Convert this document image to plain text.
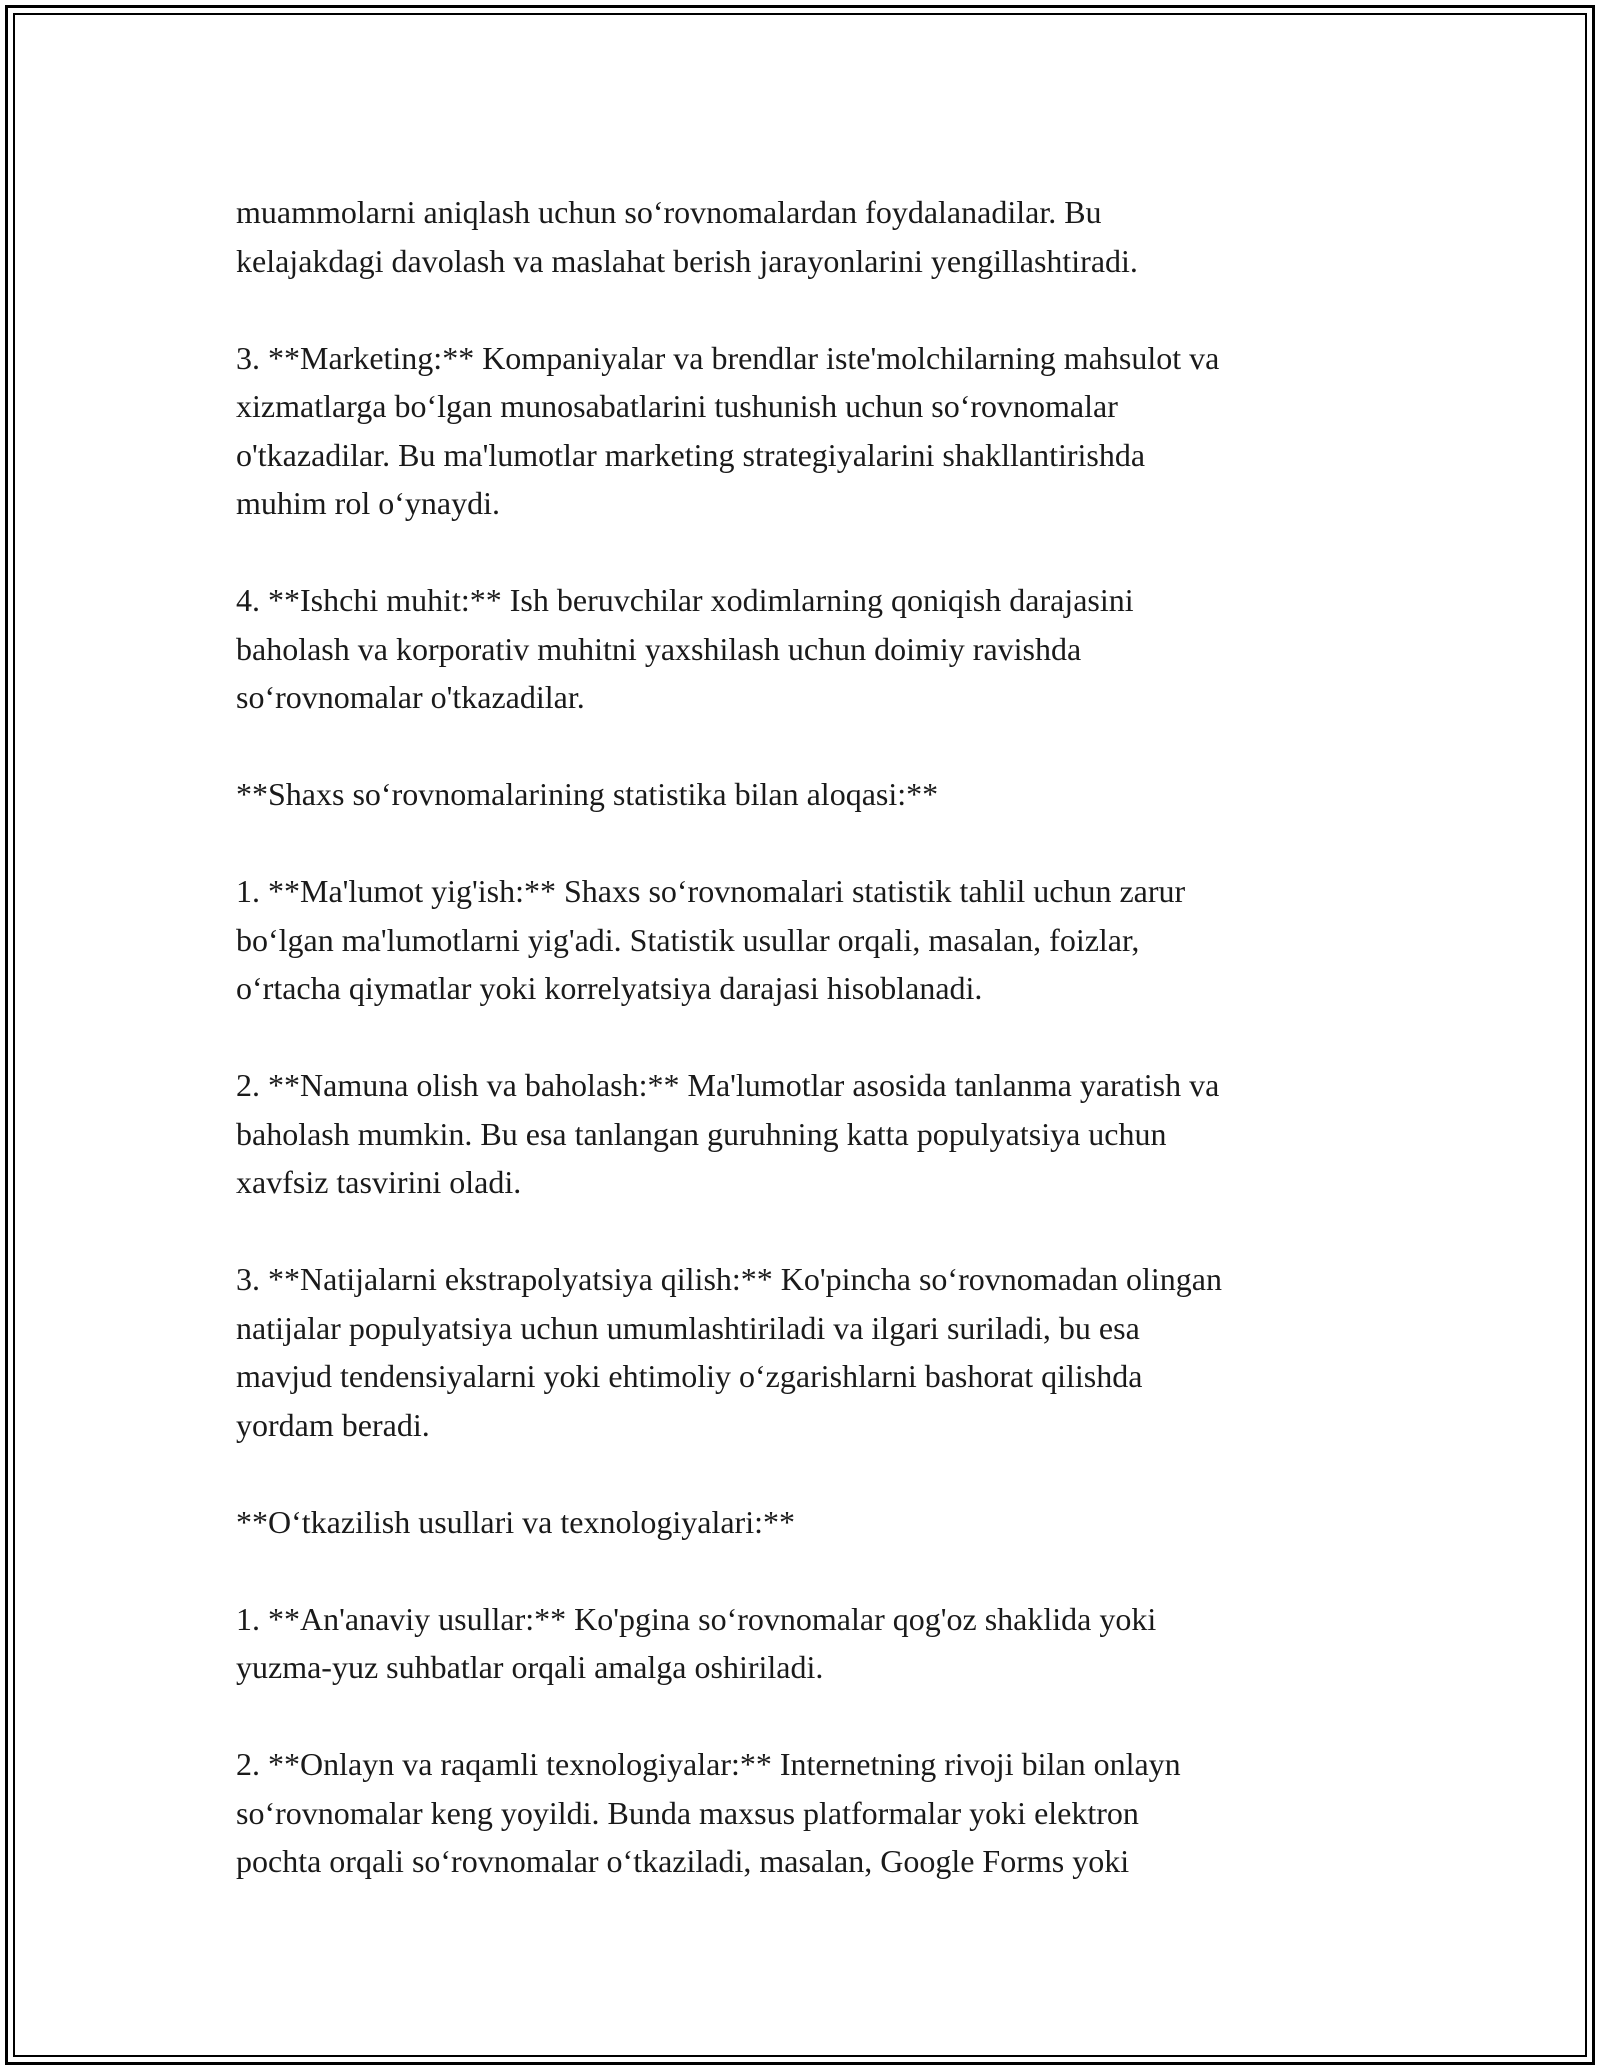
muammolarni aniqlash uchun so‘rovnomalardan foydalanadilar. Bu
kelajakdagi davolash va maslahat berish jarayonlarini yengillashtiradi.

3. **Marketing:** Kompaniyalar va brendlar iste'molchilarning mahsulot va
xizmatlarga bo‘lgan munosabatlarini tushunish uchun so‘rovnomalar
o'tkazadilar. Bu ma'lumotlar marketing strategiyalarini shakllantirishda
muhim rol o‘ynaydi.

4. **Ishchi muhit:** Ish beruvchilar xodimlarning qoniqish darajasini
baholash va korporativ muhitni yaxshilash uchun doimiy ravishda
so‘rovnomalar o'tkazadilar.

**Shaxs so‘rovnomalarining statistika bilan aloqasi:**

1. **Ma'lumot yig'ish:** Shaxs so‘rovnomalari statistik tahlil uchun zarur
bo‘lgan ma'lumotlarni yig'adi. Statistik usullar orqali, masalan, foizlar,
o‘rtacha qiymatlar yoki korrelyatsiya darajasi hisoblanadi.

2. **Namuna olish va baholash:** Ma'lumotlar asosida tanlanma yaratish va
baholash mumkin. Bu esa tanlangan guruhning katta populyatsiya uchun
xavfsiz tasvirini oladi.

3. **Natijalarni ekstrapolyatsiya qilish:** Ko'pincha so‘rovnomadan olingan
natijalar populyatsiya uchun umumlashtiriladi va ilgari suriladi, bu esa
mavjud tendensiyalarni yoki ehtimoliy o‘zgarishlarni bashorat qilishda
yordam beradi.

**O‘tkazilish usullari va texnologiyalari:**

1. **An'anaviy usullar:** Ko'pgina so‘rovnomalar qog'oz shaklida yoki
yuzma-yuz suhbatlar orqali amalga oshiriladi.

2. **Onlayn va raqamli texnologiyalar:** Internetning rivoji bilan onlayn
so‘rovnomalar keng yoyildi. Bunda maxsus platformalar yoki elektron
pochta orqali so‘rovnomalar o‘tkaziladi, masalan, Google Forms yoki
